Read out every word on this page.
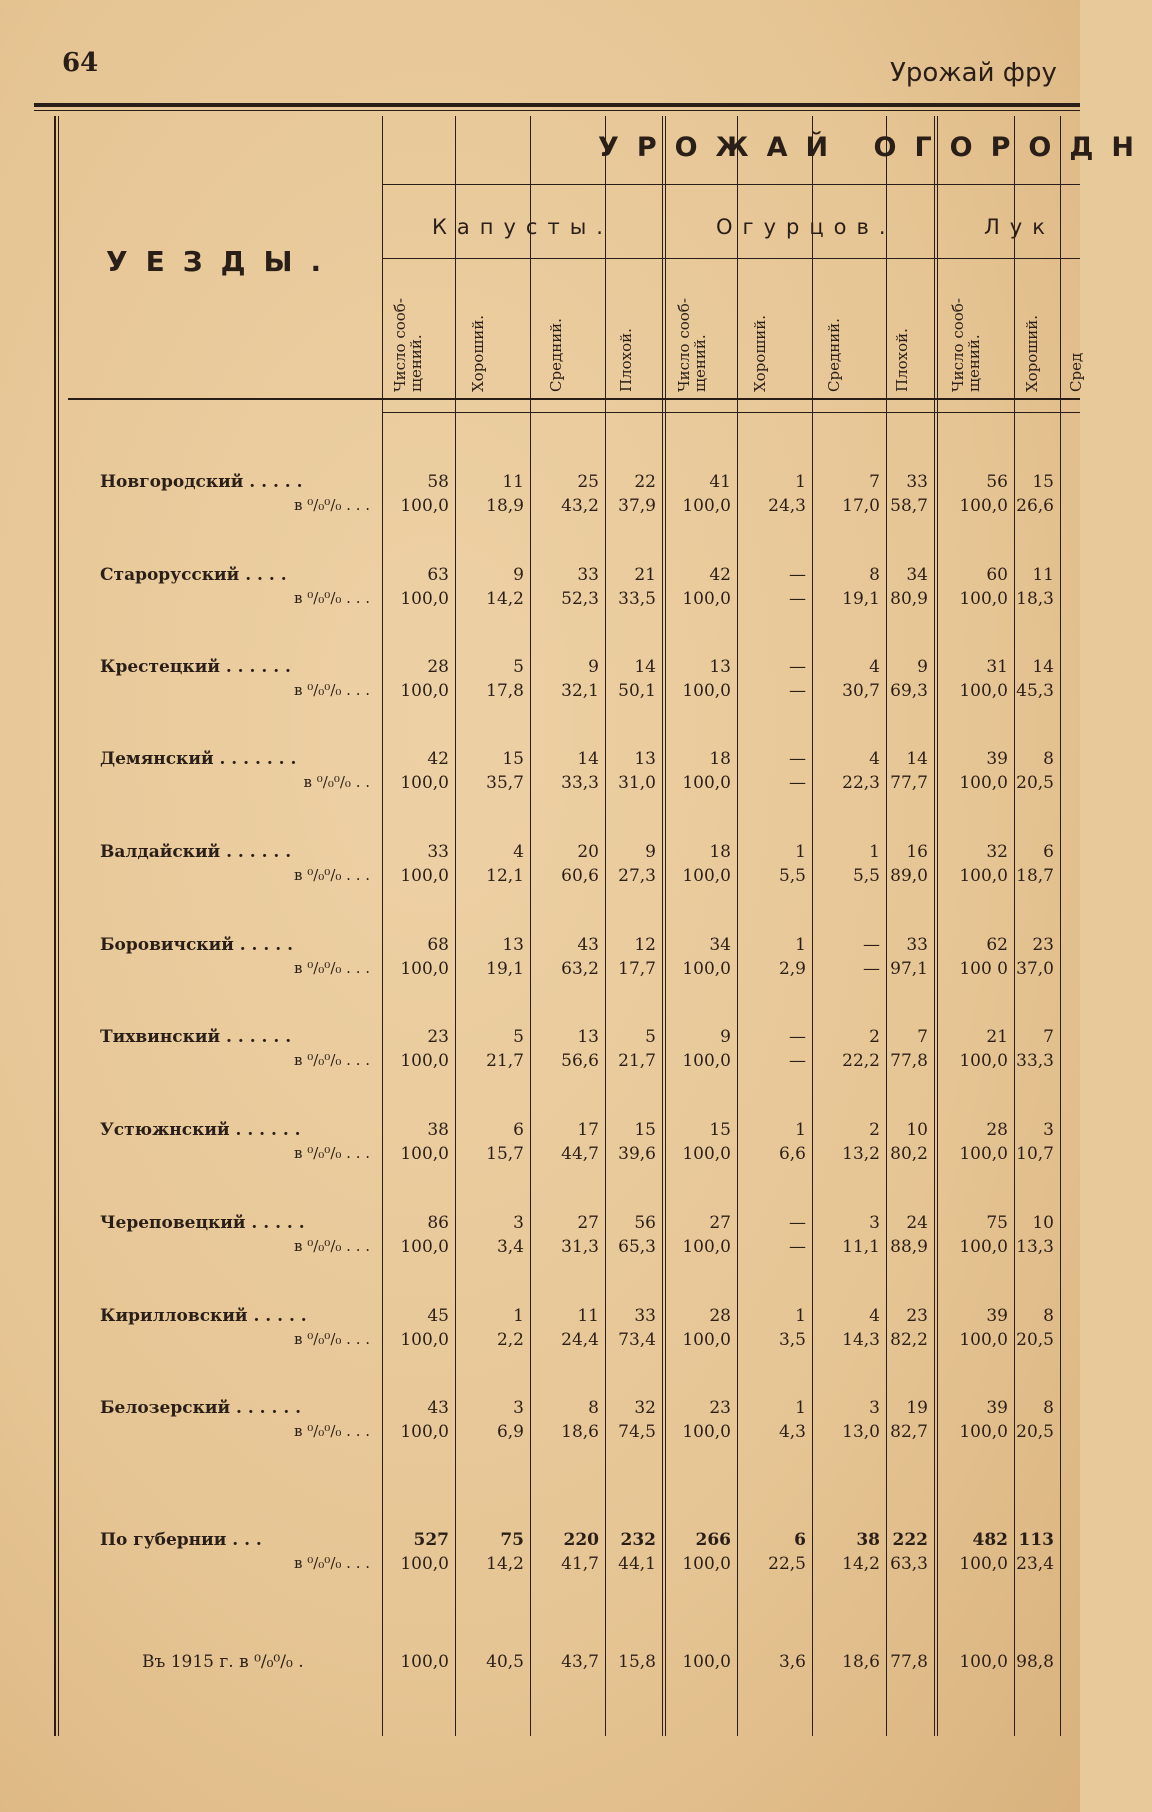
64	Урожай фру
УРОЖАЙ ОГОРОДН
УЕЗДЫ.
Капусты.	Огурцов.	Лук
Число сооб-
щений.	Хороший.	Средний.	Плохой.	Число сооб-
щений.	Хороший.	Средний.	Плохой.	Число сооб-
щений.	Хороший. Сред
Новгородский . . . . .
в ⁰/₀⁰/₀ . . .
58	11	25	22	41	1	7	33	56	15
100,0	18,9	43,2	37,9	100,0	24,3	17,0 58,7	100,0 26,6
Старорусский . . . .
в ⁰/₀⁰/₀ . . .
63	9	33	21	42	—	8	34	60	11
100,0	14,2	52,3	33,5	100,0	—	19,1 80,9	100,0 18,3
Крестецкий . . . . . .
в ⁰/₀⁰/₀ . . .
28	5	9	14	13	—	4	9	31	14
100,0	17,8	32,1	50,1	100,0	—	30,7 69,3	100,0 45,3
Демянский . . . . . . .
в ⁰/₀⁰/₀ . .
42	15	14	13	18	—	4	14	39	8
100,0	35,7	33,3	31,0	100,0	—	22,3 77,7	100,0 20,5
Валдайский . . . . . .
в ⁰/₀⁰/₀ . . .
33	4	20	9	18	1	1	16	32	6
100,0	12,1	60,6	27,3	100,0	5,5	5,5 89,0	100,0 18,7
Боровичский . . . . .
в ⁰/₀⁰/₀ . . .
68	13	43	12	34	1	—	33	62	23
100,0	19,1	63,2	17,7	100,0	2,9	— 97,1	100 0 37,0
Тихвинский . . . . . .
в ⁰/₀⁰/₀ . . .
23	5	13	5	9	—	2	7	21	7
100,0	21,7	56,6	21,7	100,0	—	22,2 77,8	100,0 33,3
Устюжнский . . . . . .
в ⁰/₀⁰/₀ . . .
38	6	17	15	15	1	2	10	28	3
100,0	15,7	44,7	39,6	100,0	6,6	13,2 80,2	100,0 10,7
Череповецкий . . . . .
в ⁰/₀⁰/₀ . . .
86	3	27	56	27	—	3	24	75	10
100,0	3,4	31,3	65,3	100,0	—	11,1 88,9	100,0 13,3
Кирилловский . . . . .
в ⁰/₀⁰/₀ . . .
45	1	11	33	28	1	4	23	39	8
100,0	2,2	24,4	73,4	100,0	3,5	14,3 82,2	100,0 20,5
Белозерский . . . . . .
в ⁰/₀⁰/₀ . . .
43	3	8	32	23	1	3	19	39	8
100,0	6,9	18,6	74,5	100,0	4,3	13,0 82,7	100,0 20,5
По губернии . . .
в ⁰/₀⁰/₀ . . .
527	75	220	232	266	6	38 222	482 113
100,0	14,2	41,7	44,1	100,0	22,5	14,2 63,3	100,0 23,4
Въ 1915 г. в ⁰/₀⁰/₀ .	100,0	40,5	43,7	15,8	100,0	3,6	18,6 77,8	100,0 98,8
